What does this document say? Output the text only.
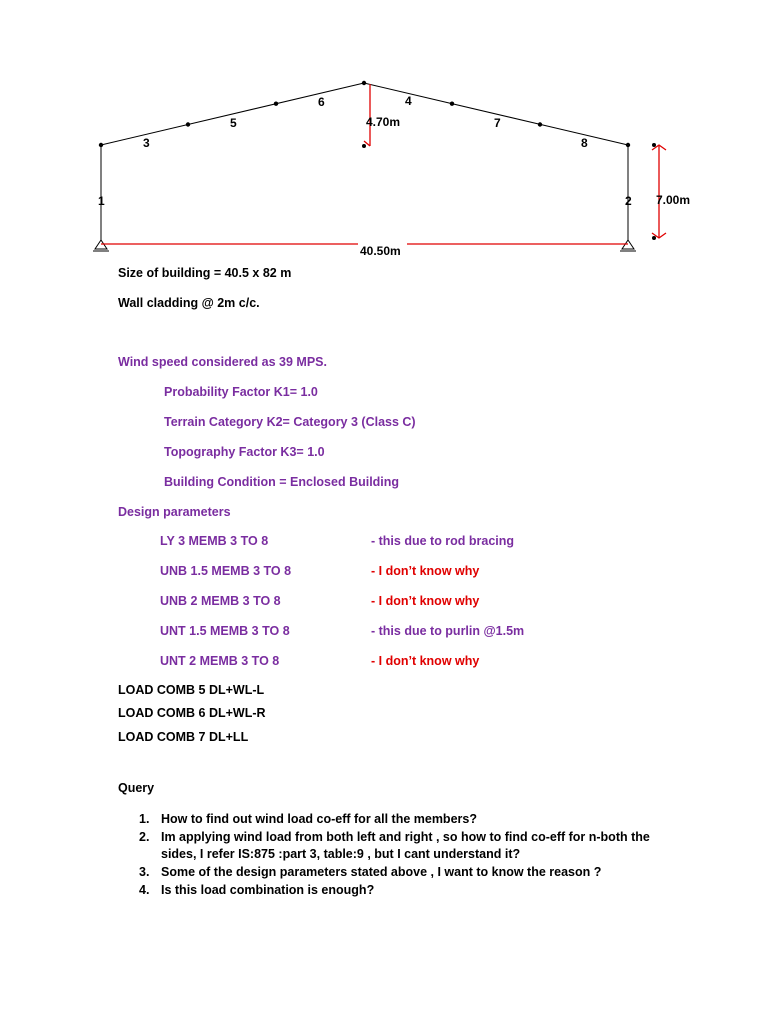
1	2
3
4
5
6
7
8
4.70m
7.00m
40.50m
Size of building = 40.5 x 82 m
Wall cladding @ 2m c/c.
Wind speed considered as 39 MPS.
Probability Factor K1= 1.0
Terrain Category K2= Category 3 (Class C)
Topography Factor K3= 1.0
Building Condition = Enclosed Building
Design parameters
LY 3 MEMB 3 TO 8	- this due to rod bracing
UNB 1.5 MEMB 3 TO 8	- I don’t know why
UNB 2 MEMB 3 TO 8	- I don’t know why
UNT 1.5 MEMB 3 TO 8	- this due to purlin @1.5m
UNT 2 MEMB 3 TO 8	- I don’t know why
LOAD COMB 5 DL+WL-L
LOAD COMB 6 DL+WL-R
LOAD COMB 7 DL+LL
Query
1. How to find out wind load co-eff for all the members?
2. Im applying wind load from both left and right , so how to find co-eff for n-both the sides, I refer IS:875 :part 3, table:9 , but I cant understand it?
3. Some of the design parameters stated above , I want to know the reason ?
4. Is this load combination is enough?
